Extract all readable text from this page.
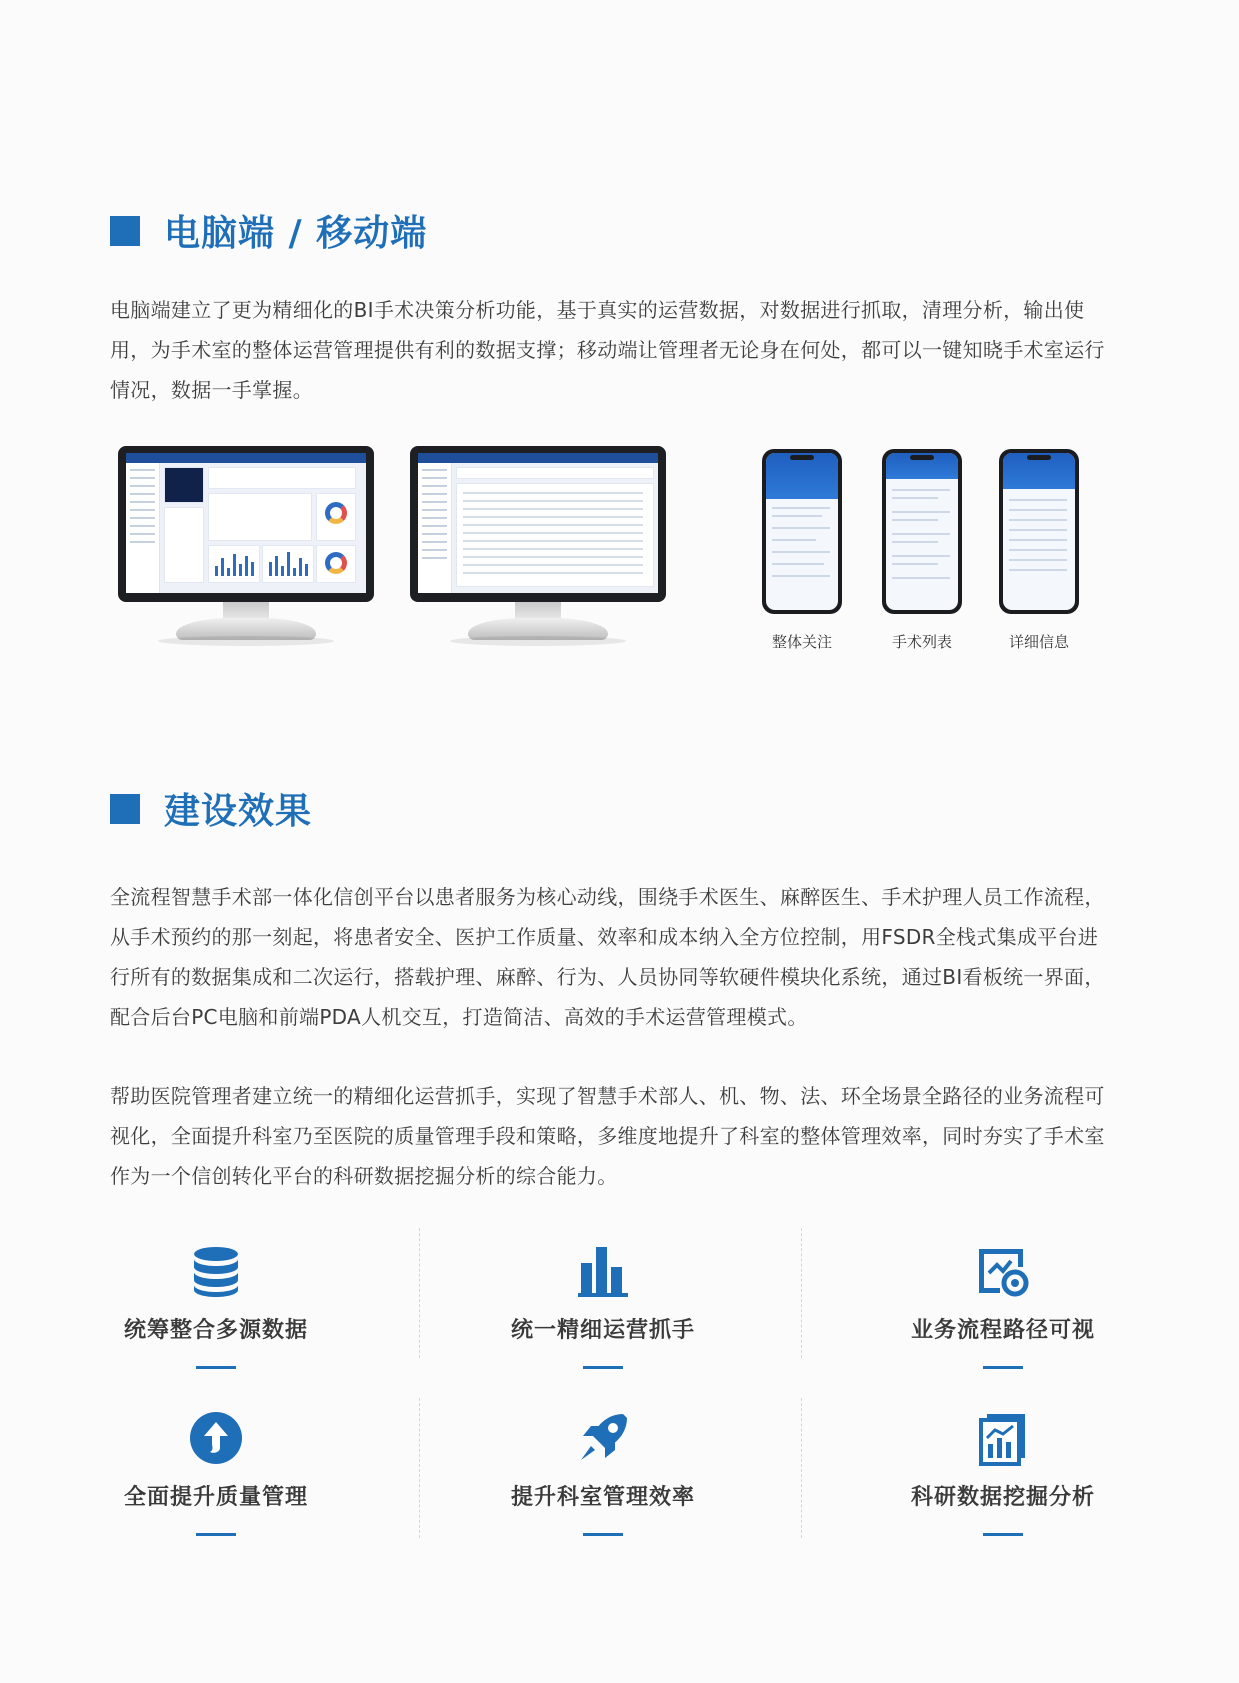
电脑端 / 移动端

电脑端建立了更为精细化的BI手术决策分析功能，基于真实的运营数据，对数据进行抓取，清理分析，输出使用，为手术室的整体运营管理提供有利的数据支撑；移动端让管理者无论身在何处，都可以一键知晓手术室运行情况，数据一手掌握。

整体关注	手术列表	详细信息
建设效果

全流程智慧手术部一体化信创平台以患者服务为核心动线，围绕手术医生、麻醉医生、手术护理人员工作流程，从手术预约的那一刻起，将患者安全、医护工作质量、效率和成本纳入全方位控制，用FSDR全栈式集成平台进行所有的数据集成和二次运行，搭载护理、麻醉、行为、人员协同等软硬件模块化系统，通过BI看板统一界面，配合后台PC电脑和前端PDA人机交互，打造简洁、高效的手术运营管理模式。

帮助医院管理者建立统一的精细化运营抓手，实现了智慧手术部人、机、物、法、环全场景全路径的业务流程可视化，全面提升科室乃至医院的质量管理手段和策略，多维度地提升了科室的整体管理效率，同时夯实了手术室作为一个信创转化平台的科研数据挖掘分析的综合能力。

统筹整合多源数据	统一精细运营抓手	业务流程路径可视
全面提升质量管理	提升科室管理效率	科研数据挖掘分析
